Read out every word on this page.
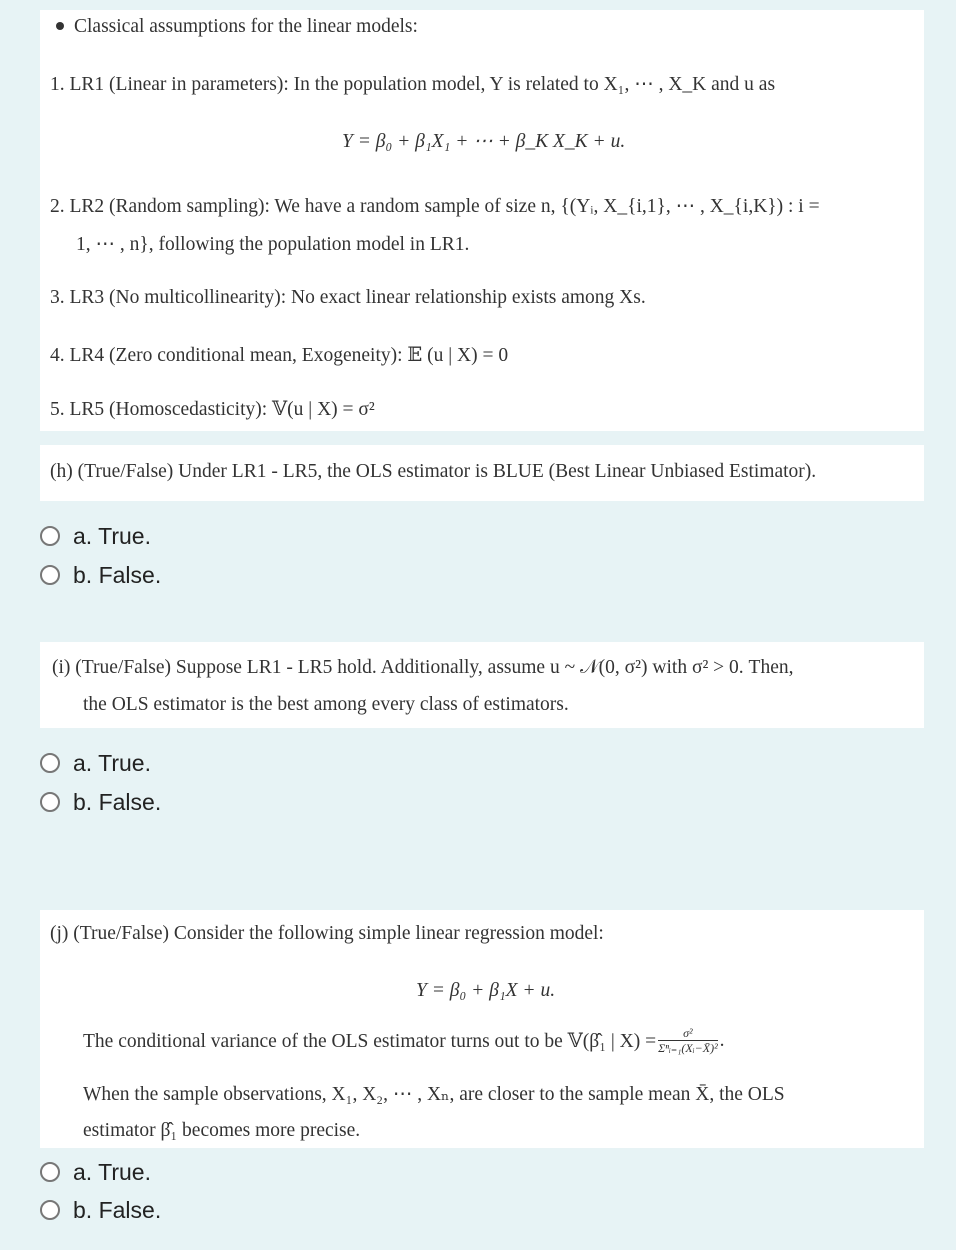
Classical assumptions for the linear models:
1. LR1 (Linear in parameters): In the population model, Y is related to X₁, ⋯ , X_K and u as
Y = β₀ + β₁X₁ + ⋯ + β_K X_K + u.
2. LR2 (Random sampling): We have a random sample of size n, {(Yᵢ, X_{i,1}, ⋯ , X_{i,K}) : i =
1, ⋯ , n}, following the population model in LR1.
3. LR3 (No multicollinearity): No exact linear relationship exists among Xs.
4. LR4 (Zero conditional mean, Exogeneity): 𝔼 (u | X) = 0
5. LR5 (Homoscedasticity): 𝕍(u | X) = σ²
(h) (True/False) Under LR1 - LR5, the OLS estimator is BLUE (Best Linear Unbiased Estimator).
a. True.
b. False.
(i) (True/False) Suppose LR1 - LR5 hold. Additionally, assume u ~ 𝒩(0, σ²) with σ² > 0. Then,
the OLS estimator is the best among every class of estimators.
a. True.
b. False.
(j) (True/False) Consider the following simple linear regression model:
Y = β₀ + β₁X + u.
The conditional variance of the OLS estimator turns out to be 𝕍(β̂₁ | $X) = \frac{\text{σ²}}{\text{Σⁿᵢ₌₁(Xᵢ−X̄)²}}$ .
When the sample observations, X₁, X₂, ⋯ , Xₙ, are closer to the sample mean X̄, the OLS
estimator β̂₁ becomes more precise.
a. True.
b. False.
